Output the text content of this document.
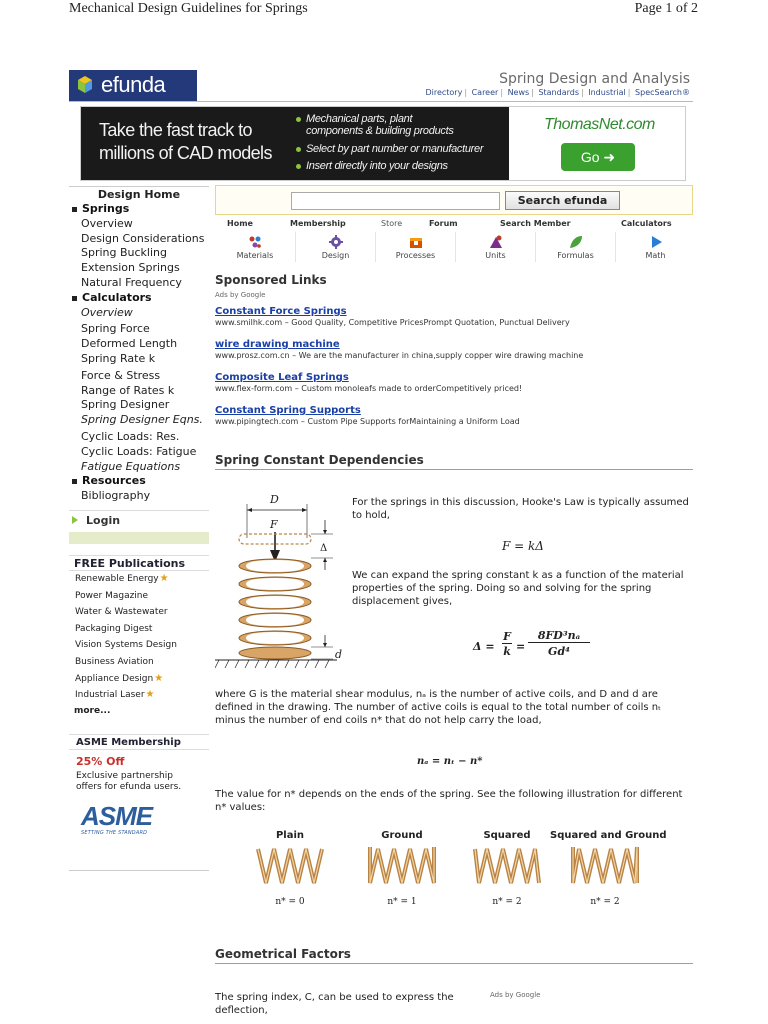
Mechanical Design Guidelines for Springs	Page 1 of 2
efunda	Spring Design and Analysis
Directory | Career | News | Standards | Industrial | SpecSearch®
Take the fast track to millions of CAD models
Mechanical parts, plant
components & building products
Select by part number or manufacturer
Insert directly into your designs
ThomasNet.com
Go ➜
Design Home
Springs
Overview
Design Considerations
Spring Buckling
Extension Springs
Natural Frequency
Calculators
Overview
Spring Force
Deformed Length
Spring Rate k
Force & Stress
Range of Rates k
Spring Designer
Spring Designer Eqns.
Cyclic Loads: Res.
Cyclic Loads: Fatigue
Fatigue Equations
Resources
Bibliography
Login
FREE Publications
Renewable Energy★
Power Magazine
Water & Wastewater
Packaging Digest
Vision Systems Design
Business Aviation
Appliance Design★
Industrial Laser★
more...
ASME Membership
25% Off
Exclusive partnership offers for efunda users.
ASME
SETTING THE STANDARD
Search efunda
Home	Membership	Store	Forum	Search Member	Calculators
Materials	Design	Processes	Units	Formulas	Math
Sponsored Links
Ads by Google
Spring Constant Dependencies
D
F
Δ
d
For the springs in this discussion, Hooke's Law is typically assumed to hold,
F = kΔ
We can expand the spring constant k as a function of the material properties of the spring. Doing so and solving for the spring displacement gives,
Δ =
F
k =
8FD³nₐ
Gd⁴
where G is the material shear modulus, nₐ is the number of active coils, and D and d are defined in the drawing. The number of active coils is equal to the total number of coils nₜ minus the number of end coils n* that do not help carry the load,
nₐ = nₜ − n*
The value for n* depends on the ends of the spring. See the following illustration for different n* values:
Geometrical Factors
The spring index, C, can be used to express the deflection,
Ads by Google
Constant Force Springs
www.smilhk.com – Good Quality, Competitive PricesPrompt Quotation, Punctual Delivery
wire drawing machine
www.prosz.com.cn – We are the manufacturer in china,supply copper wire drawing machine
Composite Leaf Springs
www.flex-form.com – Custom monoleafs made to orderCompetitively priced!
Constant Spring Supports
www.pipingtech.com – Custom Pipe Supports forMaintaining a Uniform Load
Plain
n* = 0
Ground
n* = 1
Squared
n* = 2
Squared and Ground
n* = 2
